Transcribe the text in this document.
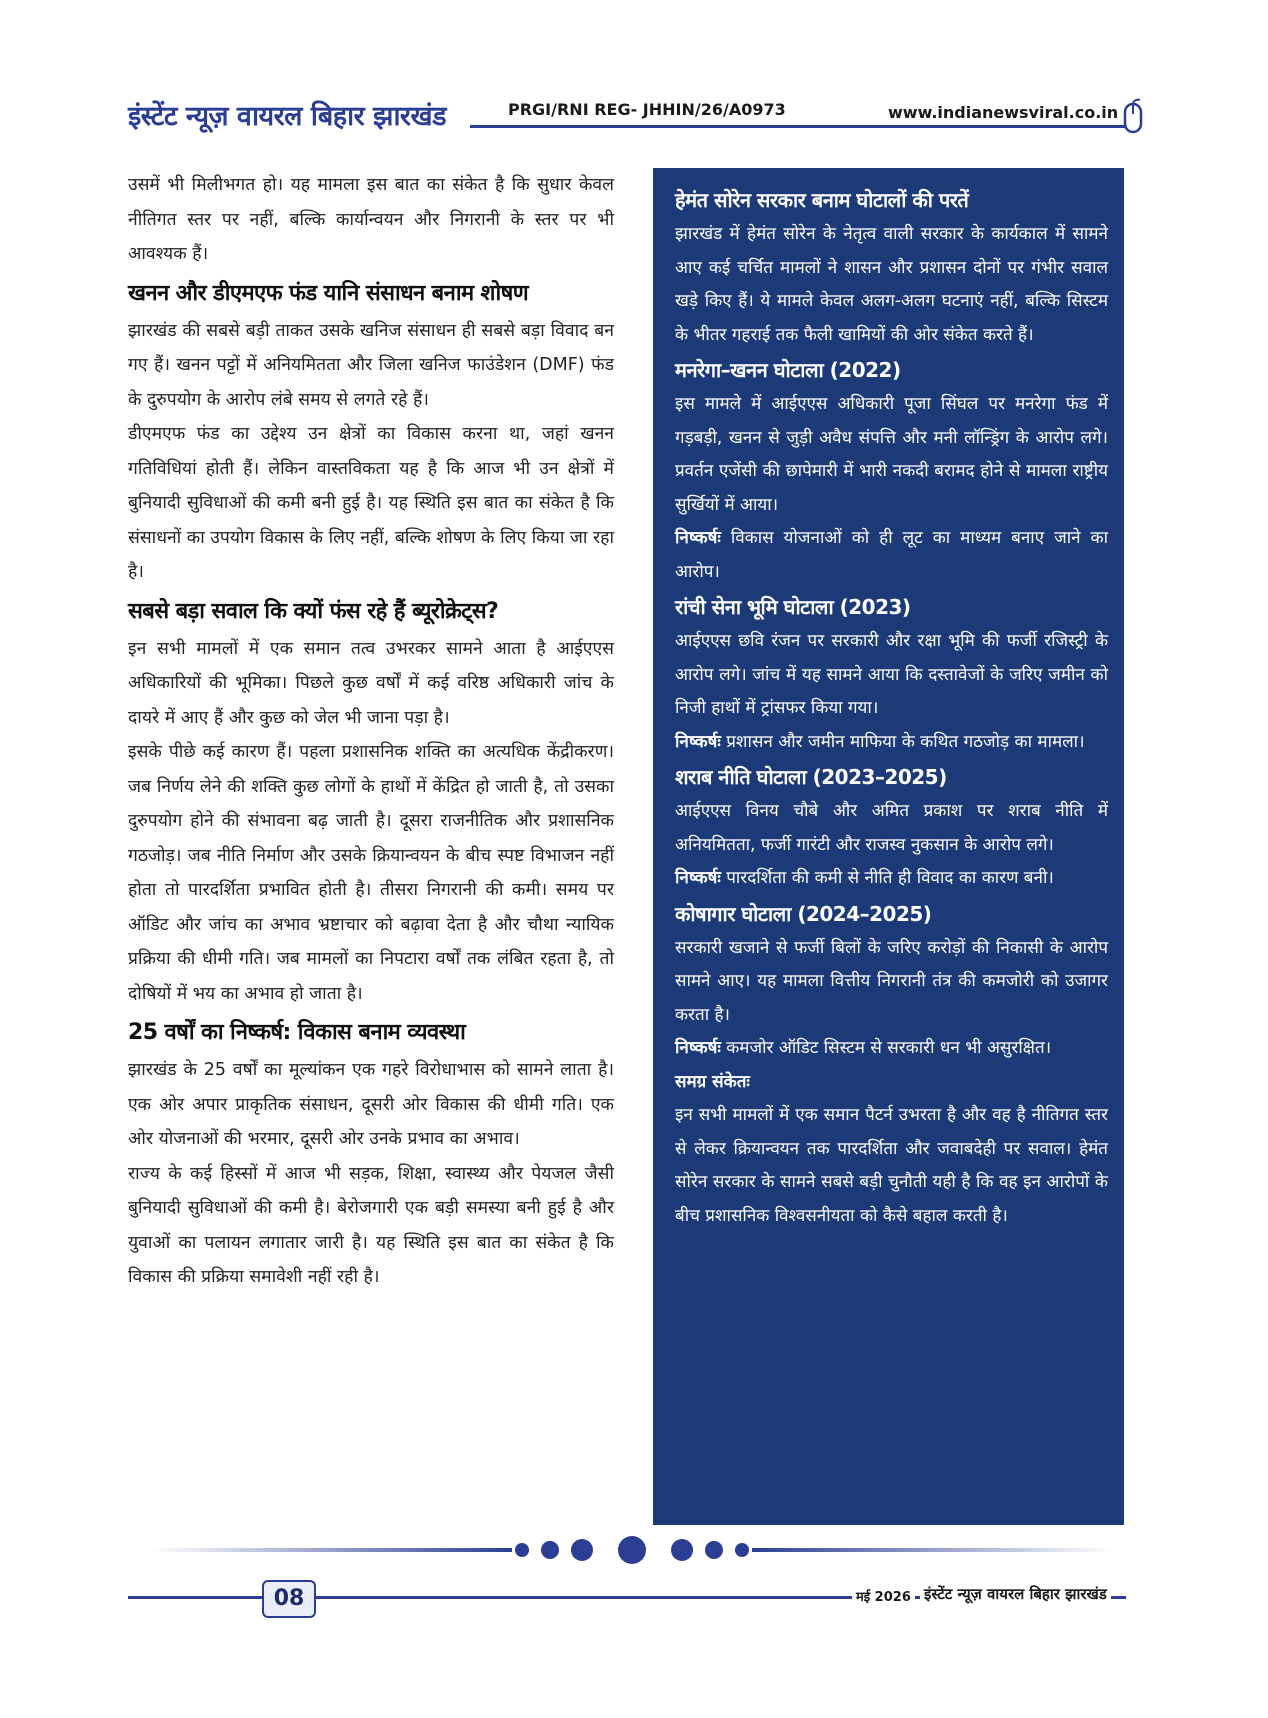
इंस्टेंट न्यूज़ वायरल बिहार झारखंड	PRGI/RNI REG- JHHIN/26/A0973	www.indianewsviral.co.in

उसमें भी मिलीभगत हो। यह मामला इस बात का संकेत है कि सुधार केवल नीतिगत स्तर पर नहीं, बल्कि कार्यान्वयन और निगरानी के स्तर पर भी आवश्यक हैं।

खनन और डीएमएफ फंड यानि संसाधन बनाम शोषण

झारखंड की सबसे बड़ी ताकत उसके खनिज संसाधन ही सबसे बड़ा विवाद बन गए हैं। खनन पट्टों में अनियमितता और जिला खनिज फाउंडेशन (DMF) फंड के दुरुपयोग के आरोप लंबे समय से लगते रहे हैं।

डीएमएफ फंड का उद्देश्य उन क्षेत्रों का विकास करना था, जहां खनन गतिविधियां होती हैं। लेकिन वास्तविकता यह है कि आज भी उन क्षेत्रों में बुनियादी सुविधाओं की कमी बनी हुई है। यह स्थिति इस बात का संकेत है कि संसाधनों का उपयोग विकास के लिए नहीं, बल्कि शोषण के लिए किया जा रहा है।

सबसे बड़ा सवाल कि क्यों फंस रहे हैं ब्यूरोक्रेट्स?

इन सभी मामलों में एक समान तत्व उभरकर सामने आता है आईएएस अधिकारियों की भूमिका। पिछले कुछ वर्षों में कई वरिष्ठ अधिकारी जांच के दायरे में आए हैं और कुछ को जेल भी जाना पड़ा है।

इसके पीछे कई कारण हैं। पहला प्रशासनिक शक्ति का अत्यधिक केंद्रीकरण। जब निर्णय लेने की शक्ति कुछ लोगों के हाथों में केंद्रित हो जाती है, तो उसका दुरुपयोग होने की संभावना बढ़ जाती है। दूसरा राजनीतिक और प्रशासनिक गठजोड़। जब नीति निर्माण और उसके क्रियान्वयन के बीच स्पष्ट विभाजन नहीं होता तो पारदर्शिता प्रभावित होती है। तीसरा निगरानी की कमी। समय पर ऑडिट और जांच का अभाव भ्रष्टाचार को बढ़ावा देता है और चौथा न्यायिक प्रक्रिया की धीमी गति। जब मामलों का निपटारा वर्षों तक लंबित रहता है, तो दोषियों में भय का अभाव हो जाता है।

25 वर्षों का निष्कर्ष: विकास बनाम व्यवस्था

झारखंड के 25 वर्षों का मूल्यांकन एक गहरे विरोधाभास को सामने लाता है। एक ओर अपार प्राकृतिक संसाधन, दूसरी ओर विकास की धीमी गति। एक ओर योजनाओं की भरमार, दूसरी ओर उनके प्रभाव का अभाव।

राज्य के कई हिस्सों में आज भी सड़क, शिक्षा, स्वास्थ्य और पेयजल जैसी बुनियादी सुविधाओं की कमी है। बेरोजगारी एक बड़ी समस्या बनी हुई है और युवाओं का पलायन लगातार जारी है। यह स्थिति इस बात का संकेत है कि विकास की प्रक्रिया समावेशी नहीं रही है।

हेमंत सोरेन सरकार बनाम घोटालों की परतें

झारखंड में हेमंत सोरेन के नेतृत्व वाली सरकार के कार्यकाल में सामने आए कई चर्चित मामलों ने शासन और प्रशासन दोनों पर गंभीर सवाल खड़े किए हैं। ये मामले केवल अलग-अलग घटनाएं नहीं, बल्कि सिस्टम के भीतर गहराई तक फैली खामियों की ओर संकेत करते हैं।

मनरेगा–खनन घोटाला (2022)

इस मामले में आईएएस अधिकारी पूजा सिंघल पर मनरेगा फंड में गड़बड़ी, खनन से जुड़ी अवैध संपत्ति और मनी लॉन्ड्रिंग के आरोप लगे। प्रवर्तन एजेंसी की छापेमारी में भारी नकदी बरामद होने से मामला राष्ट्रीय सुर्खियों में आया।

निष्कर्षः विकास योजनाओं को ही लूट का माध्यम बनाए जाने का आरोप।

रांची सेना भूमि घोटाला (2023)

आईएएस छवि रंजन पर सरकारी और रक्षा भूमि की फर्जी रजिस्ट्री के आरोप लगे। जांच में यह सामने आया कि दस्तावेजों के जरिए जमीन को निजी हाथों में ट्रांसफर किया गया।

निष्कर्षः प्रशासन और जमीन माफिया के कथित गठजोड़ का मामला।

शराब नीति घोटाला (2023–2025)

आईएएस विनय चौबे और अमित प्रकाश पर शराब नीति में अनियमितता, फर्जी गारंटी और राजस्व नुकसान के आरोप लगे।

निष्कर्षः पारदर्शिता की कमी से नीति ही विवाद का कारण बनी।

कोषागार घोटाला (2024–2025)

सरकारी खजाने से फर्जी बिलों के जरिए करोड़ों की निकासी के आरोप सामने आए। यह मामला वित्तीय निगरानी तंत्र की कमजोरी को उजागर करता है।

निष्कर्षः कमजोर ऑडिट सिस्टम से सरकारी धन भी असुरक्षित।

समग्र संकेतः

इन सभी मामलों में एक समान पैटर्न उभरता है और वह है नीतिगत स्तर से लेकर क्रियान्वयन तक पारदर्शिता और जवाबदेही पर सवाल। हेमंत सोरेन सरकार के सामने सबसे बड़ी चुनौती यही है कि वह इन आरोपों के बीच प्रशासनिक विश्वसनीयता को कैसे बहाल करती है।

08	मई 2026 इंस्टेंट न्यूज़ वायरल बिहार झारखंड
